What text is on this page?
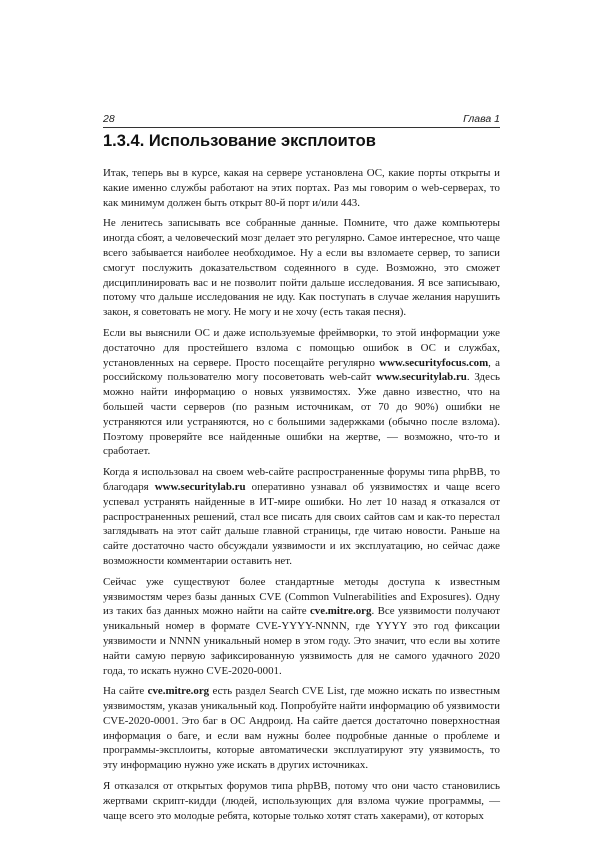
28	Глава 1
1.3.4. Использование эксплоитов

Итак, теперь вы в курсе, какая на сервере установлена ОС, какие порты открыты и какие именно службы работают на этих портах. Раз мы говорим о web-серверах, то как минимум должен быть открыт 80-й порт и/или 443.

Не ленитесь записывать все собранные данные. Помните, что даже компьютеры иногда сбоят, а человеческий мозг делает это регулярно. Самое интересное, что чаще всего забывается наиболее необходимое. Ну а если вы взломаете сервер, то записи смогут послужить доказательством содеянного в суде. Возможно, это сможет дисциплинировать вас и не позволит пойти дальше исследования. Я все записываю, потому что дальше исследования не иду. Как поступать в случае желания нарушить закон, я советовать не могу. Не могу и не хочу (есть такая песня).

Если вы выяснили ОС и даже используемые фреймворки, то этой информации уже достаточно для простейшего взлома с помощью ошибок в ОС и службах, установленных на сервере. Просто посещайте регулярно www.securityfocus.com, а российскому пользователю могу посоветовать web-сайт www.securitylab.ru. Здесь можно найти информацию о новых уязвимостях. Уже давно известно, что на большей части серверов (по разным источникам, от 70 до 90%) ошибки не устраняются или устраняются, но с большими задержками (обычно после взлома). Поэтому проверяйте все найденные ошибки на жертве, — возможно, что-то и сработает.

Когда я использовал на своем web-сайте распространенные форумы типа phpBB, то благодаря www.securitylab.ru оперативно узнавал об уязвимостях и чаще всего успевал устранять найденные в ИТ-мире ошибки. Но лет 10 назад я отказался от распространенных решений, стал все писать для своих сайтов сам и как-то перестал заглядывать на этот сайт дальше главной страницы, где читаю новости. Раньше на сайте достаточно часто обсуждали уязвимости и их эксплуатацию, но сейчас даже возможности комментарии оставить нет.

Сейчас уже существуют более стандартные методы доступа к известным уязвимостям через базы данных CVE (Common Vulnerabilities and Exposures). Одну из таких баз данных можно найти на сайте cve.mitre.org. Все уязвимости получают уникальный номер в формате CVE-YYYY-NNNN, где YYYY это год фиксации уязвимости и NNNN уникальный номер в этом году. Это значит, что если вы хотите найти самую первую зафиксированную уязвимость для не самого удачного 2020 года, то искать нужно CVE-2020-0001.

На сайте cve.mitre.org есть раздел Search CVE List, где можно искать по известным уязвимостям, указав уникальный код. Попробуйте найти информацию об уязвимости CVE-2020-0001. Это баг в ОС Андроид. На сайте дается достаточно поверхностная информация о баге, и если вам нужны более подробные данные о проблеме и программы-эксплоиты, которые автоматически эксплуатируют эту уязвимость, то эту информацию нужно уже искать в других источниках.

Я отказался от открытых форумов типа phpBB, потому что они часто становились жертвами скрипт-кидди (людей, использующих для взлома чужие программы, — чаще всего это молодые ребята, которые только хотят стать хакерами), от которых
